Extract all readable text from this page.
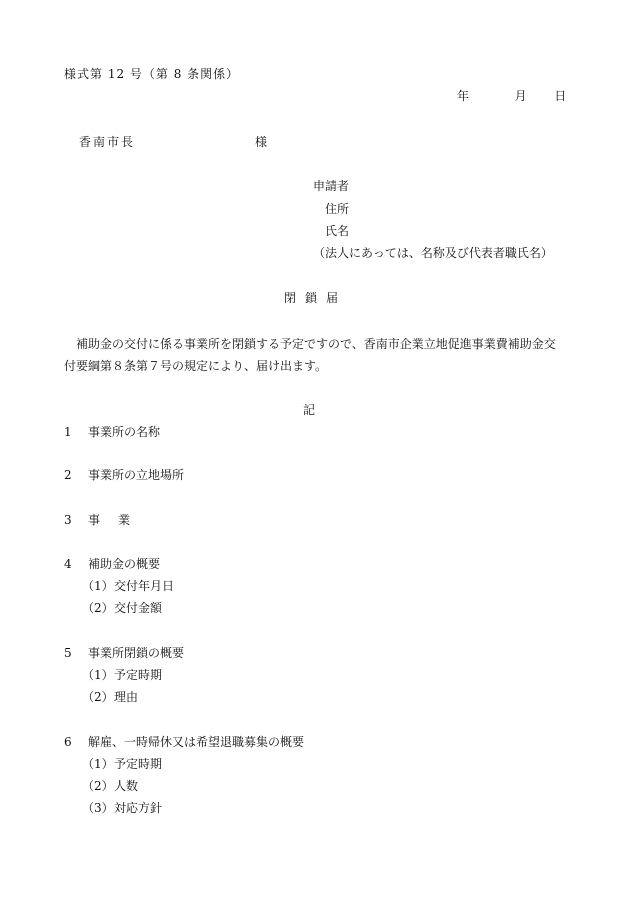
様式第 12 号（第 8 条関係）
年	月 日
香南市長	様
申請者
住所
氏名
（法人にあっては、名称及び代表者職氏名）
閉鎖届
補助金の交付に係る事業所を閉鎖する予定ですので、香南市企業立地促進事業費補助金交付要綱第８条第７号の規定により、届け出ます。
記
1 事業所の名称
2 事業所の立地場所
3 事　業
4 補助金の概要
（1）交付年月日
（2）交付金額
5 事業所閉鎖の概要
（1）予定時期
（2）理由
6 解雇、一時帰休又は希望退職募集の概要
（1）予定時期
（2）人数
（3）対応方針
